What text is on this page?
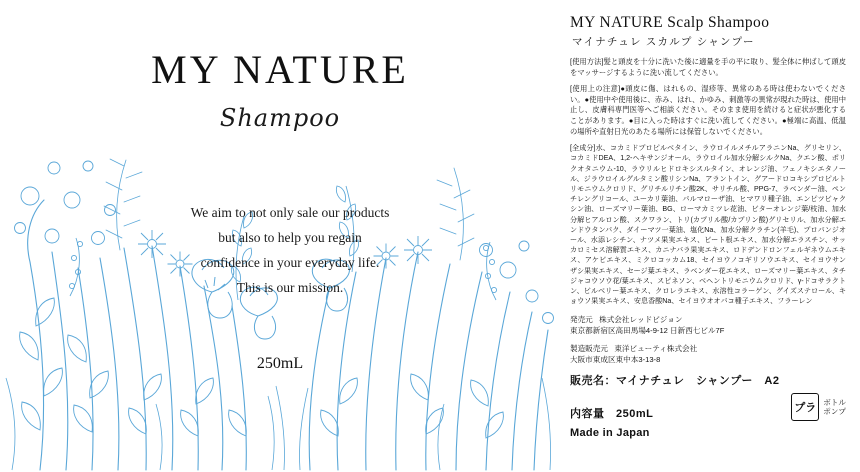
MY NATURE
Shampoo
We aim to not only sale our products
but also to help you regain
confidence in your everyday life.
This is our mission.
250mL
MY NATURE Scalp Shampoo
マイナチュレ スカルプ シャンプー
[使用方法]髪と頭皮を十分に洗いた後に適量を手の平に取り、髪全体に伸ばして頭皮をマッサージするように洗い流してください。
[使用上の注意]●頭皮に傷、はれもの、湿疹等、異常のある時は使わないでください。●使用中や使用後に、赤み、はれ、かゆみ、刺激等の異常が現れた時は、使用中止し、皮膚科専門医等へご相談ください。そのまま使用を続けると症状が悪化することがあります。●目に入った時はすぐに洗い流してください。●極端に高温、低温の場所や直射日光のあたる場所には保管しないでください。
[全成分]水、コカミドプロピルベタイン、ラウロイルメチルアラニンNa、グリセリン、コカミドDEA、1,2-ヘキサンジオール、ラウロイル加水分解シルクNa、クエン酸、ポリクオタニウム-10、ラウリルヒドロキシスルタイン、オレンジ油、フェノキシエタノール、ジラウロイルグルタミン酸リシンNa、アラントイン、グアードロコキシプロピルトリモニウムクロリド、グリチルリチン酸2K、サリチル酸、PPG-7、ラベンダー油、ペンチレングリコール、ユーカリ葉油、パルマローザ油、ヒマワリ種子油、エンピツビャクシン油、ローズマリー葉油、BG、ローマカミツレ花油、ビターオレンジ葉/枝油、加水分解ヒアルロン酸、スクワラン、トリ(カプリル酸/カプリン酸)グリセリル、加水分解エンドウタンパク、ダイーマツ一葉油、塩化Na、加水分解クラチン(羊毛)、プロパンジオール、水添レシチン、ナツメ果実エキス、ビート根エキス、加水分解エラスチン、サッカロミセス溶解質エキス、カニナバラ果実エキス、ロドデンドロンフェルギネウムエキス、アケビエキス、ミクロコッカム18、セイヨウノコギリソウエキス、セイヨウサンザシ果実エキス、セージ葉エキス、ラベンダー花エキス、ローズマリー葉エキス、タチジャコウソウ花/葉エキス、スピネソン、ベヘントリモニウムクロリド、γ-ドコサラクトン、ビルベリー葉エキス、クロレラエキス、水溶性コラーゲン、グイズステロール、キョウソ果実エキス、安息香酸Na、セイヨウオオバコ種子エキス、フラーレン
発売元 株式会社レッドビジョン
東京都新宿区高田馬場4-9-12 日新西七ビル7F
製造販売元 東洋ビューティ株式会社
大阪市東成区東中本3-13-8
販売名：マイナチュレ　シャンプー　A2
内容量　250mL	プラ ボトル
ポンプ
Made in Japan
